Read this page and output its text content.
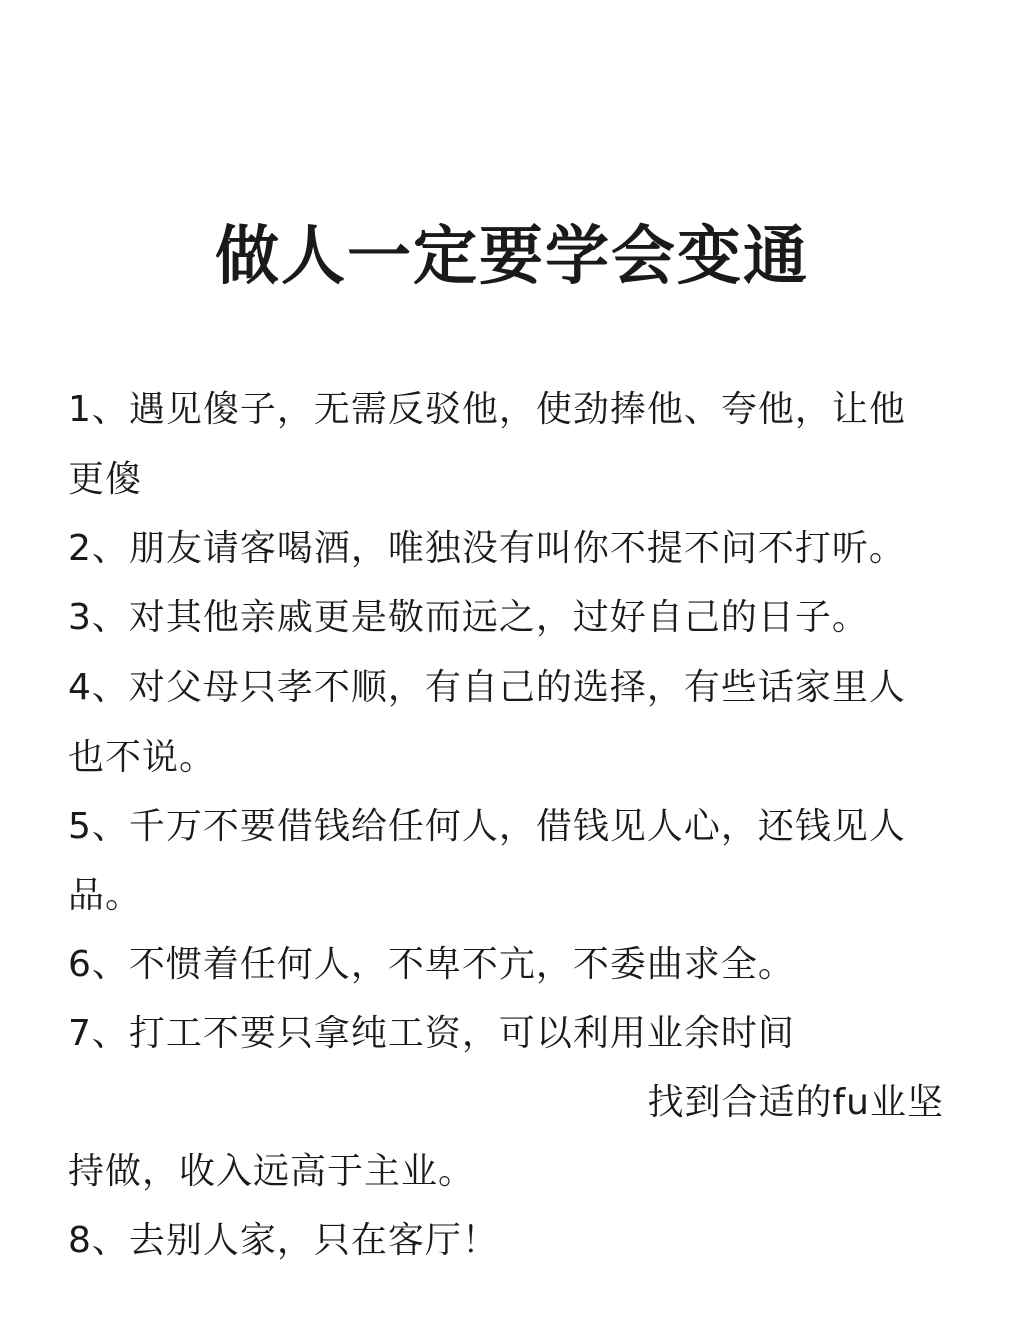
做人一定要学会变通
1、遇见傻子，无需反驳他，使劲捧他、夸他，让他
更傻
2、朋友请客喝酒，唯独没有叫你不提不问不打听。
3、对其他亲戚更是敬而远之，过好自己的日子。
4、对父母只孝不顺，有自己的选择，有些话家里人
也不说。
5、千万不要借钱给任何人，借钱见人心，还钱见人
品。
6、不惯着任何人，不卑不亢，不委曲求全。
7、打工不要只拿纯工资，可以利用业余时间
找到合适的fu业坚
持做，收入远高于主业。
8、去别人家，只在客厅！
